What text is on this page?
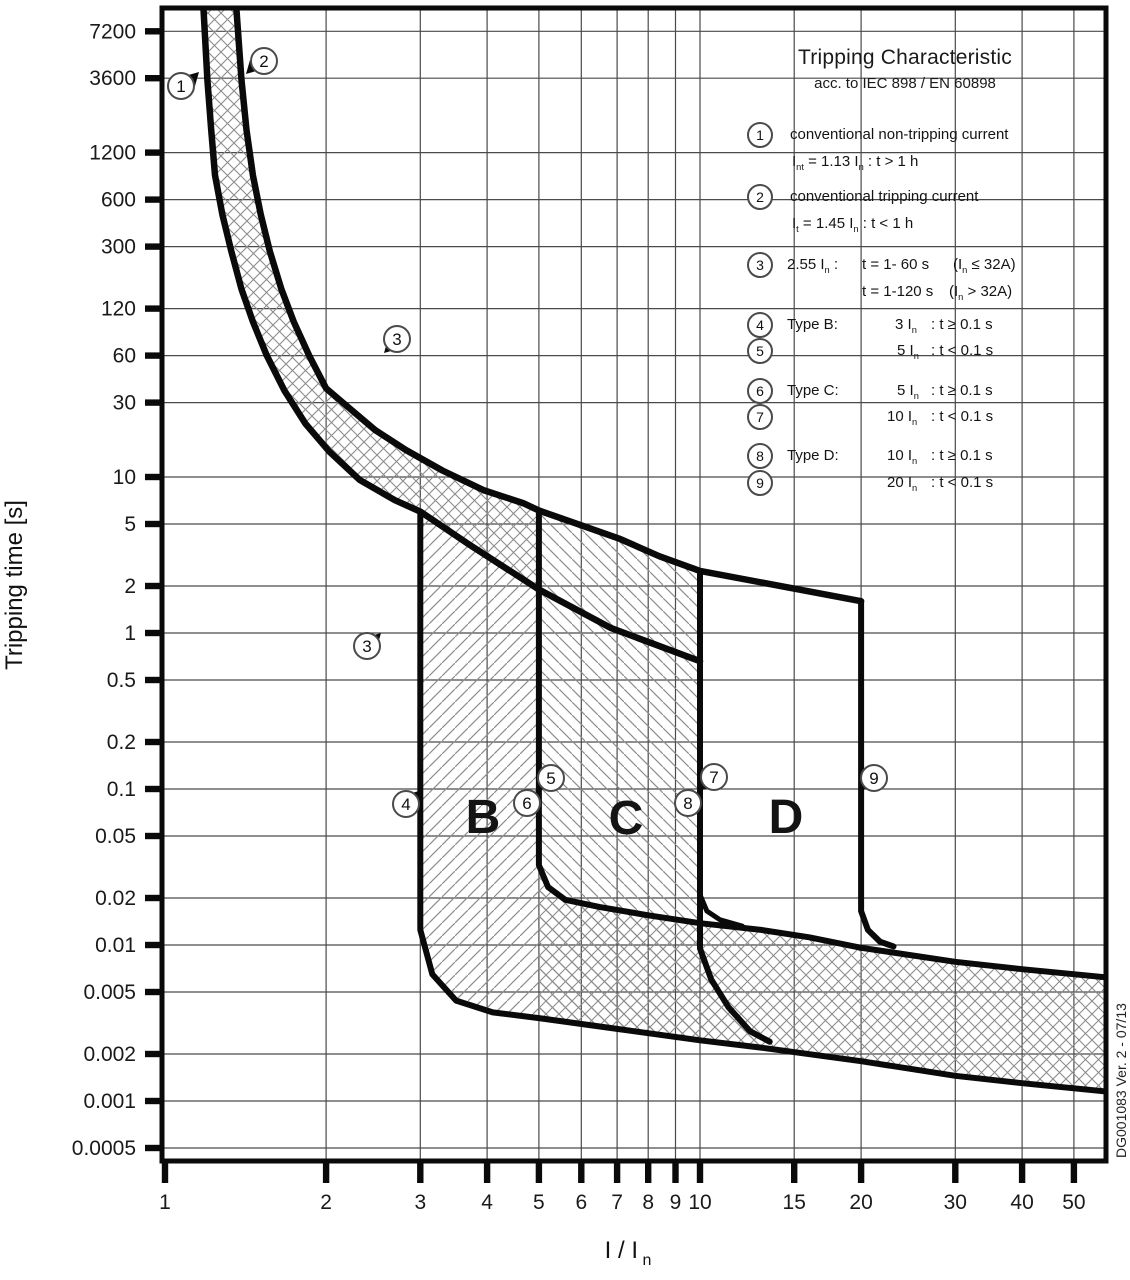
7200
3600
1200
600
300
120
60
30
10
5
2
1
0.5
0.2
0.1
0.05
0.02
0.01
0.005
0.002
0.001
0.0005
1	2	3	4 5 6 7 8 9 10	15 20	30 40 50
B C	D
1
2
3
3
4
5
6
7
8
9
Tripping time [s]
I / I $_n$
DG001083 Ver. 2 - 07/13
Tripping Characteristic
acc. to IEC 898 / EN 60898
1	conventional non-tripping current
$I_{nt} = 1.13$ $I_n$ : t > 1 h
2	conventional tripping current
$I_t = 1.45$ $I_n$ : t < 1 h
3	2.55 $I_n$ : t = 1- 60 s $(I_n \le 32A)$
t = 1-120 s $(I_n > 32A)$
4	Type B:	3 $I_n$ : t ≥ 0.1 s
5	5 $I_n$ : t < 0.1 s
6	Type C:	5 $I_n$ : t ≥ 0.1 s
7	10 $I_n$ : t < 0.1 s
8	Type D:	10 $I_n$ : t ≥ 0.1 s
9	20 $I_n$ : t < 0.1 s
